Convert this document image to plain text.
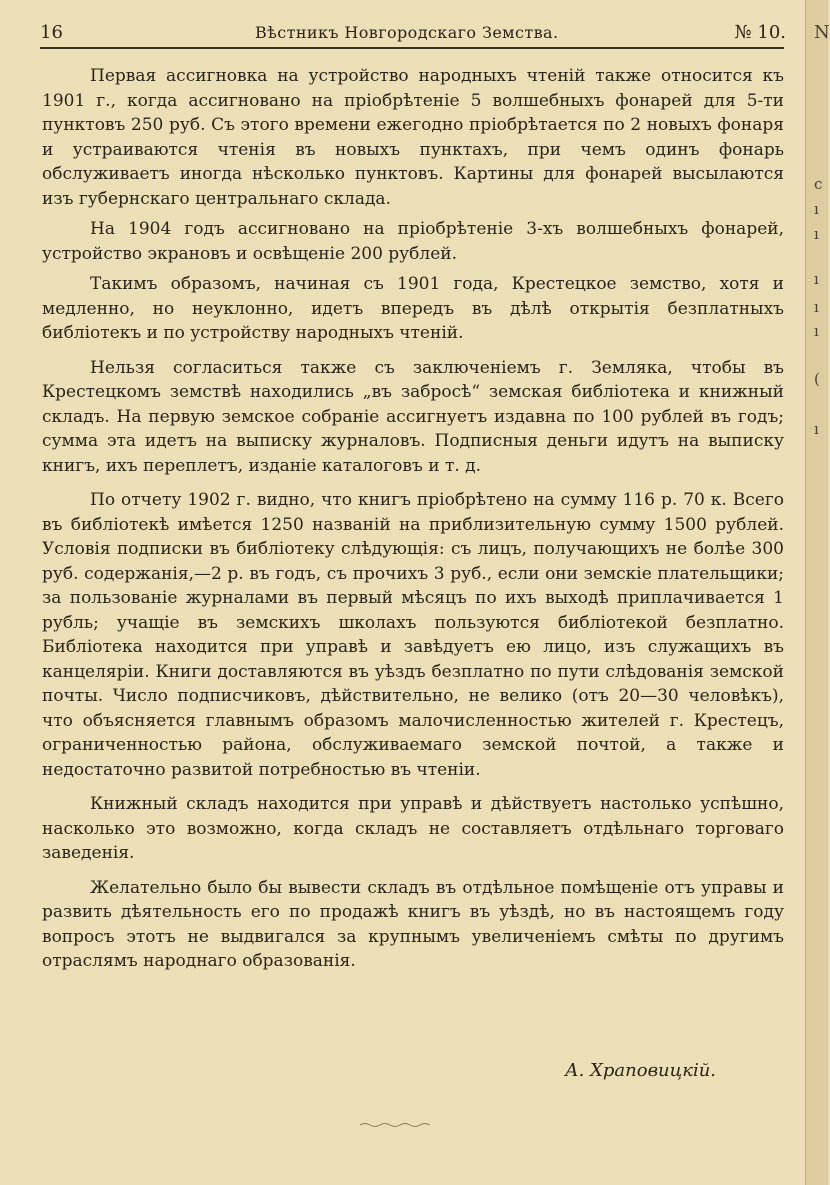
16	Вѣстникъ Новгородскаго Земства.	№ 10.

Первая ассигновка на устройство народныхъ чтеній также относится къ 1901 г., когда ассигновано на пріобрѣтеніе 5 волшебныхъ фонарей для 5-ти пунктовъ 250 руб. Съ этого времени ежегодно пріобрѣтается по 2 новыхъ фонаря и устраиваются чтенія въ новыхъ пунктахъ, при чемъ одинъ фонарь обслуживаетъ иногда нѣсколько пунктовъ. Картины для фонарей высылаются изъ губернскаго центральнаго склада.

На 1904 годъ ассигновано на пріобрѣтеніе 3-хъ волшебныхъ фонарей, устройство экрановъ и освѣщеніе 200 рублей.

Такимъ образомъ, начиная съ 1901 года, Крестецкое земство, хотя и медленно, но неуклонно, идетъ впередъ въ дѣлѣ открытія безплатныхъ библіотекъ и по устройству народныхъ чтеній.

Нельзя согласиться также съ заключеніемъ г. Земляка, чтобы въ Крестецкомъ земствѣ находились „въ забросѣ“ земская библіотека и книжный складъ. На первую земское собраніе ассигнуетъ издавна по 100 рублей въ годъ; сумма эта идетъ на выписку журналовъ. Подписныя деньги идутъ на выписку книгъ, ихъ переплетъ, изданіе каталоговъ и т. д.

По отчету 1902 г. видно, что книгъ пріобрѣтено на сумму 116 р. 70 к. Всего въ библіотекѣ имѣется 1250 названій на приблизительную сумму 1500 рублей. Условія подписки въ библіотеку слѣдующія: съ лицъ, получающихъ не болѣе 300 руб. содержанія,—2 р. въ годъ, съ прочихъ 3 руб., если они земскіе плательщики; за пользованіе журналами въ первый мѣсяцъ по ихъ выходѣ приплачивается 1 рубль; учащіе въ земскихъ школахъ пользуются библіотекой безплатно. Библіотека находится при управѣ и завѣдуетъ ею лицо, изъ служащихъ въ канцеляріи. Книги доставляются въ уѣздъ безплатно по пути слѣдованія земской почты. Число подписчиковъ, дѣйствительно, не велико (отъ 20—30 человѣкъ), что объясняется главнымъ образомъ малочисленностью жителей г. Крестецъ, ограниченностью района, обслуживаемаго земской почтой, а также и недостаточно развитой потребностью въ чтеніи.

Книжный складъ находится при управѣ и дѣйствуетъ настолько успѣшно, насколько это возможно, когда складъ не составляетъ отдѣльнаго торговаго заведенія.

Желательно было бы вывести складъ въ отдѣльное помѣщеніе отъ управы и развить дѣятельность его по продажѣ книгъ въ уѣздѣ, но въ настоящемъ году вопросъ этотъ не выдвигался за крупнымъ увеличеніемъ смѣты по другимъ отраслямъ народнаго образованія.

А. Храповицкій.
N
с
ı
ı
ı
ı
ı
(
ı
